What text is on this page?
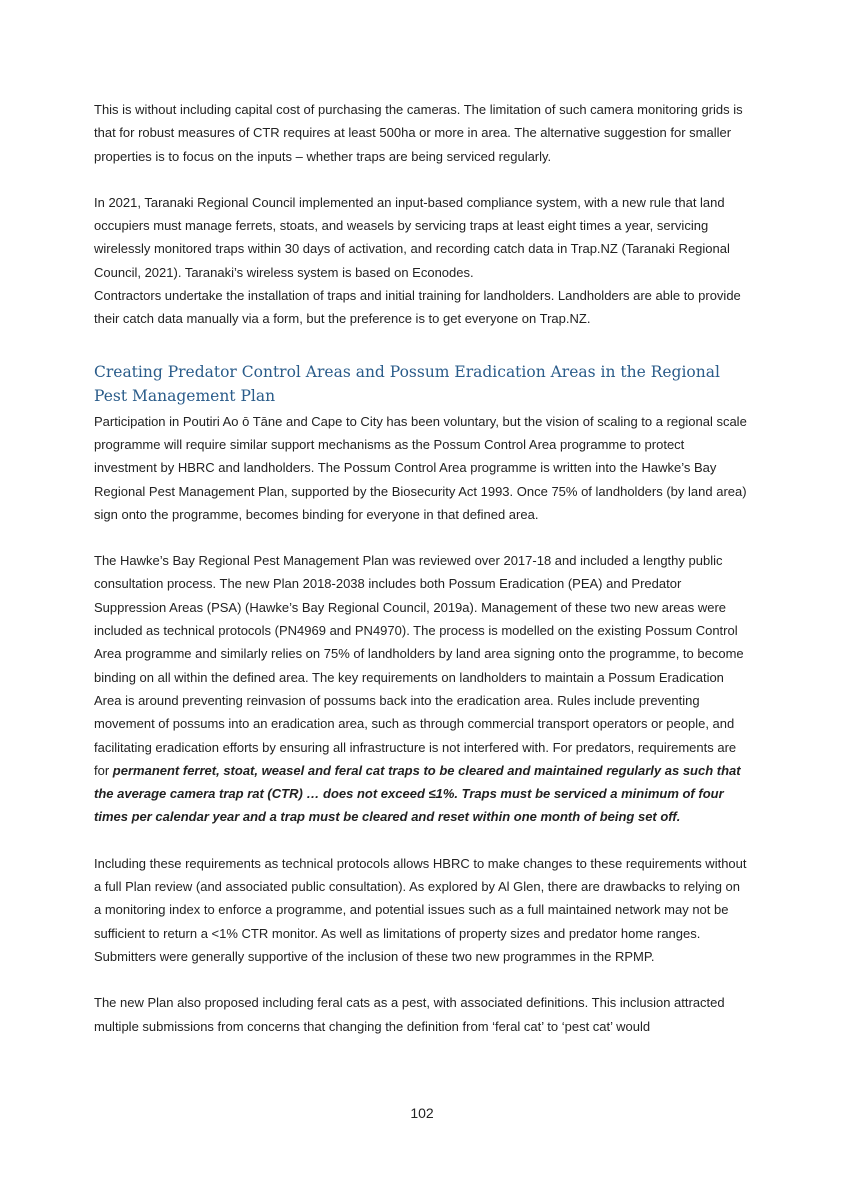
This is without including capital cost of purchasing the cameras. The limitation of such camera monitoring grids is that for robust measures of CTR requires at least 500ha or more in area. The alternative suggestion for smaller properties is to focus on the inputs – whether traps are being serviced regularly.

In 2021, Taranaki Regional Council implemented an input-based compliance system, with a new rule that land occupiers must manage ferrets, stoats, and weasels by servicing traps at least eight times a year, servicing wirelessly monitored traps within 30 days of activation, and recording catch data in Trap.NZ (Taranaki Regional Council, 2021). Taranaki’s wireless system is based on Econodes.

Contractors undertake the installation of traps and initial training for landholders. Landholders are able to provide their catch data manually via a form, but the preference is to get everyone on Trap.NZ.

Creating Predator Control Areas and Possum Eradication Areas in the Regional Pest Management Plan

Participation in Poutiri Ao ō Tāne and Cape to City has been voluntary, but the vision of scaling to a regional scale programme will require similar support mechanisms as the Possum Control Area programme to protect investment by HBRC and landholders. The Possum Control Area programme is written into the Hawke’s Bay Regional Pest Management Plan, supported by the Biosecurity Act 1993. Once 75% of landholders (by land area) sign onto the programme, becomes binding for everyone in that defined area.

The Hawke’s Bay Regional Pest Management Plan was reviewed over 2017-18 and included a lengthy public consultation process. The new Plan 2018-2038 includes both Possum Eradication (PEA) and Predator Suppression Areas (PSA) (Hawke’s Bay Regional Council, 2019a). Management of these two new areas were included as technical protocols (PN4969 and PN4970). The process is modelled on the existing Possum Control Area programme and similarly relies on 75% of landholders by land area signing onto the programme, to become binding on all within the defined area. The key requirements on landholders to maintain a Possum Eradication Area is around preventing reinvasion of possums back into the eradication area. Rules include preventing movement of possums into an eradication area, such as through commercial transport operators or people, and facilitating eradication efforts by ensuring all infrastructure is not interfered with. For predators, requirements are for permanent ferret, stoat, weasel and feral cat traps to be cleared and maintained regularly as such that the average camera trap rat (CTR) … does not exceed ≤1%. Traps must be serviced a minimum of four times per calendar year and a trap must be cleared and reset within one month of being set off.

Including these requirements as technical protocols allows HBRC to make changes to these requirements without a full Plan review (and associated public consultation). As explored by Al Glen, there are drawbacks to relying on a monitoring index to enforce a programme, and potential issues such as a full maintained network may not be sufficient to return a <1% CTR monitor. As well as limitations of property sizes and predator home ranges. Submitters were generally supportive of the inclusion of these two new programmes in the RPMP.

The new Plan also proposed including feral cats as a pest, with associated definitions. This inclusion attracted multiple submissions from concerns that changing the definition from ‘feral cat’ to ‘pest cat’ would

102
